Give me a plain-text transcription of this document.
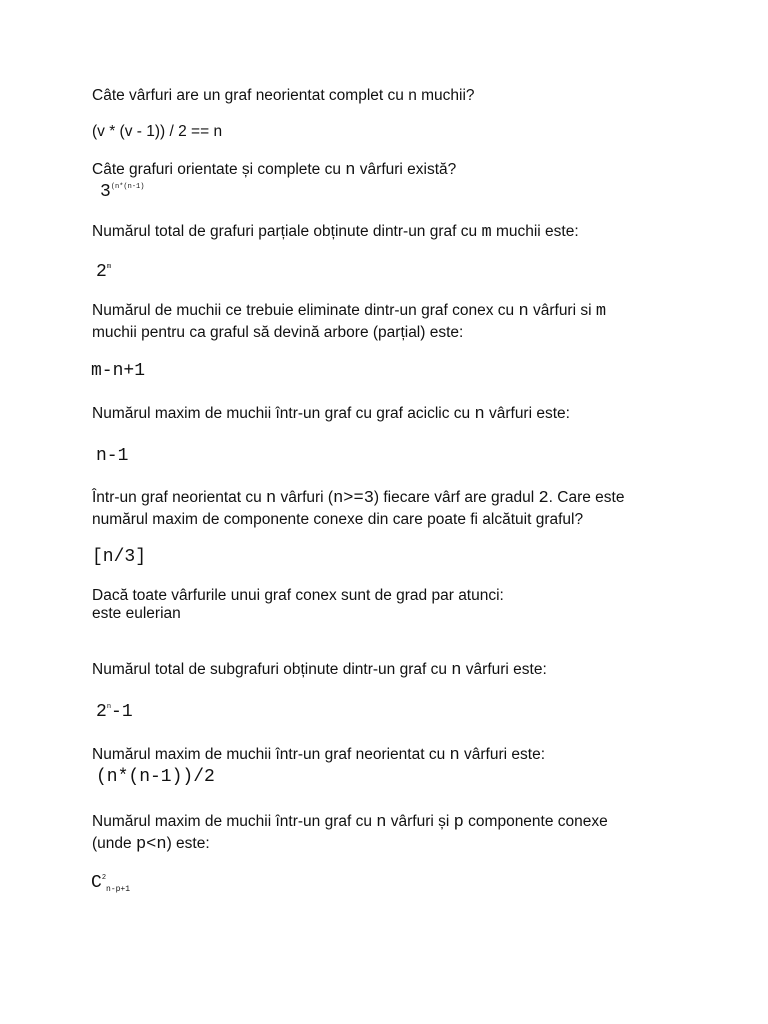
Câte vârfuri are un graf neorientat complet cu n muchii?
(v * (v - 1)) / 2 == n
Câte grafuri orientate și complete cu n vârfuri există?
$3^{(n*(n-1)}$
Numărul total de grafuri parțiale obținute dintr-un graf cu m muchii este:
2$^m$
Numărul de muchii ce trebuie eliminate dintr-un graf conex cu n vârfuri si m
muchii pentru ca graful să devină arbore (parțial) este:
m-n+1
Numărul maxim de muchii într-un graf cu graf aciclic cu n vârfuri este:
n-1
Într-un graf neorientat cu n vârfuri (n>=3) fiecare vârf are gradul 2. Care este
numărul maxim de componente conexe din care poate fi alcătuit graful?
[n/3]
Dacă toate vârfurile unui graf conex sunt de grad par atunci:
este eulerian
Numărul total de subgrafuri obținute dintr-un graf cu n vârfuri este:
2$^n$-1
Numărul maxim de muchii într-un graf neorientat cu n vârfuri este:
(n*(n-1))/2
Numărul maxim de muchii într-un graf cu n vârfuri și p componente conexe
(unde p<n) este:
$C^2_{n-p+1}$
